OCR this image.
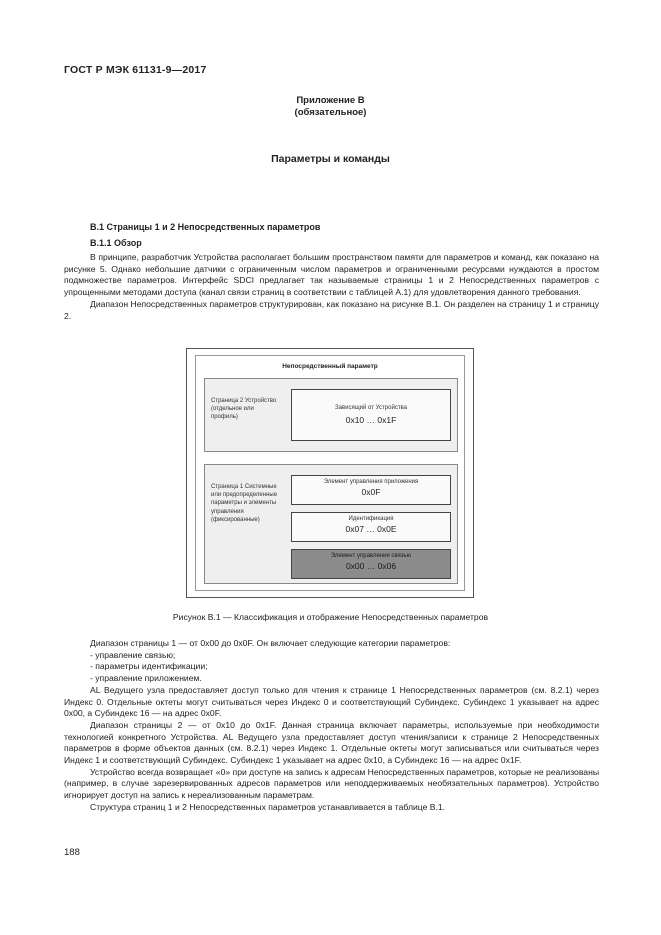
ГОСТ Р МЭК 61131-9—2017
Приложение В
(обязательное)
Параметры и команды
В.1 Страницы 1 и 2 Непосредственных параметров
В.1.1 Обзор

В принципе, разработчик Устройства располагает большим пространством памяти для параметров и команд, как показано на рисунке 5. Однако небольшие датчики с ограниченным числом параметров и ограниченными ресурсами нуждаются в простом подмножестве параметров. Интерфейс SDCI предлагает так называемые страницы 1 и 2 Непосредственных параметров с упрощенными методами доступа (канал связи страниц в соответствии с таблицей А.1) для удовлетворения данного требования.

Диапазон Непосредственных параметров структурирован, как показано на рисунке В.1. Он разделен на страницу 1 и страницу 2.

Непосредственный параметр
Страница 2 Устройство (отдельное или профиль)
Зависящий от Устройства
0x10 … 0x1F
Страница 1 Системные или предопределенные параметры и элементы управления (фиксированные)
Элемент управления приложения
0x0F
Идентификация
0x07 … 0x0E
Элемент управления связью
0x00 … 0x06
Рисунок В.1 — Классификация и отображение Непосредственных параметров

Диапазон страницы 1 — от 0x00 до 0x0F. Он включает следующие категории параметров:

- управление связью;

- параметры идентификации;

- управление приложением.

AL Ведущего узла предоставляет доступ только для чтения к странице 1 Непосредственных параметров (см. 8.2.1) через Индекс 0. Отдельные октеты могут считываться через Индекс 0 и соответствующий Субиндекс. Субиндекс 1 указывает на адрес 0x00, а Субиндекс 16 — на адрес 0x0F.

Диапазон страницы 2 — от 0x10 до 0x1F. Данная страница включает параметры, используемые при необходимости технологией конкретного Устройства. AL Ведущего узла предоставляет доступ чтения/записи к странице 2 Непосредственных параметров в форме объектов данных (см. 8.2.1) через Индекс 1. Отдельные октеты могут записываться или считываться через Индекс 1 и соответствующий Субиндекс. Субиндекс 1 указывает на адрес 0x10, а Субиндекс 16 — на адрес 0x1F.

Устройство всегда возвращает «0» при доступе на запись к адресам Непосредственных параметров, которые не реализованы (например, в случае зарезервированных адресов параметров или неподдерживаемых необязательных параметров). Устройство игнорирует доступ на запись к нереализованным параметрам.

Структура страниц 1 и 2 Непосредственных параметров устанавливается в таблице В.1.

188
